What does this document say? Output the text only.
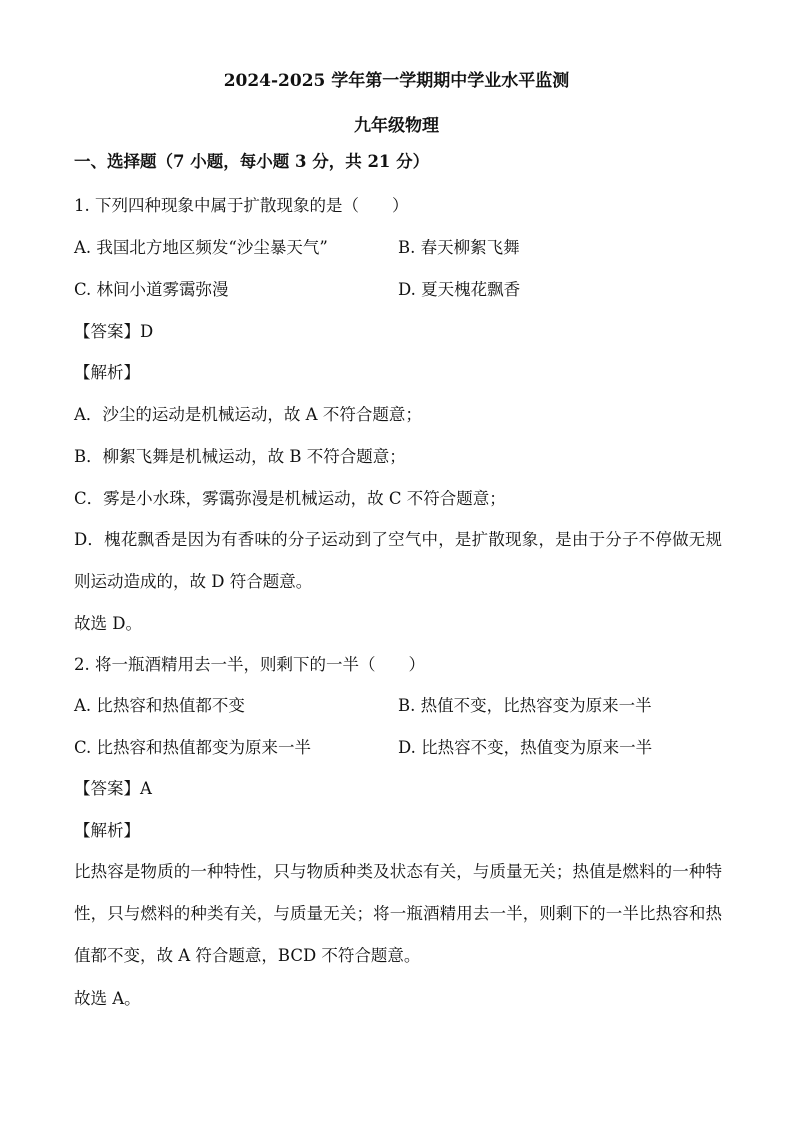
2024-2025 学年第一学期期中学业水平监测
九年级物理
一、选择题（7 小题，每小题 3 分，共 21 分）
1. 下列四种现象中属于扩散现象的是（　　）
A. 我国北方地区频发“沙尘暴天气”	B. 春天柳絮飞舞
C. 林间小道雾霭弥漫	D. 夏天槐花飘香
【答案】D
【解析】
A．沙尘的运动是机械运动，故 A 不符合题意；
B．柳絮飞舞是机械运动，故 B 不符合题意；
C．雾是小水珠，雾霭弥漫是机械运动，故 C 不符合题意；
D．槐花飘香是因为有香味的分子运动到了空气中，是扩散现象，是由于分子不停做无规则运动造成的，故 D 符合题意。
故选 D。
2. 将一瓶酒精用去一半，则剩下的一半（　　）
A. 比热容和热值都不变	B. 热值不变，比热容变为原来一半
C. 比热容和热值都变为原来一半	D. 比热容不变，热值变为原来一半
【答案】A
【解析】
比热容是物质的一种特性，只与物质种类及状态有关，与质量无关；热值是燃料的一种特性，只与燃料的种类有关，与质量无关；将一瓶酒精用去一半，则剩下的一半比热容和热值都不变，故 A 符合题意，BCD 不符合题意。
故选 A。
